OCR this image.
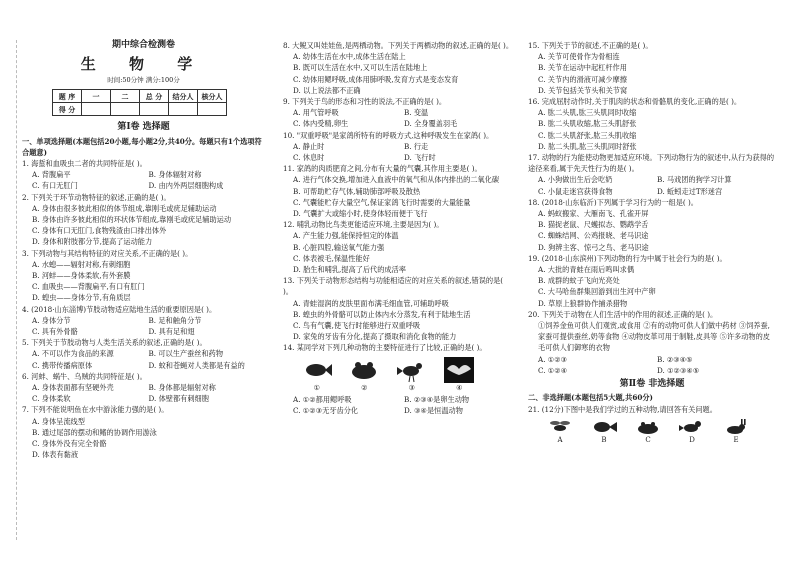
期中综合检测卷

生 物 学

时间:50分钟 满分:100分
题 序	一	二	总 分	结分人	核分人
得 分					
第Ⅰ卷 选择题
一、单项选择题(本题包括20小题,每小题2分,共40分。每题只有1个选项符合题意)
1. 海蜇和血吸虫二者的共同特征是( )。
A. 背腹扁平	B. 身体辐射对称
C. 有口无肛门	D. 由内外两层细胞构成
2. 下列关于环节动物特征的叙述,正确的是( )。
A. 身体由很多彼此相似的体节组成,靠刚毛或疣足辅助运动
B. 身体由许多彼此相似的环状体节组成,靠刚毛或疣足辅助运动
C. 身体有口无肛门,食物残渣由口排出体外
D. 身体和附肢都分节,提高了运动能力
3. 下列动物与其结构特征的对应关系,不正确的是( )。
A. 水螅——辐射对称,有刺细胞
B. 河蚌——身体柔软,有外套膜
C. 血吸虫——背腹扁平,有口有肛门
D. 蝗虫——身体分节,有角质层
4. (2018·山东淄博)节肢动物适应陆地生活的重要原因是( )。
A. 身体分节	B. 足和触角分节
C. 具有外骨骼	D. 具有足和翅
5. 下列关于节肢动物与人类生活关系的叙述,正确的是( )。
A. 不可以作为食品的来源	B. 可以生产蚕丝和药物
C. 携带传播病原体	D. 蚊和苍蝇对人类都是有益的
6. 河蚌、蜗牛、乌贼的共同特征是( )。
A. 身体表面都有坚硬外壳	B. 身体都是辐射对称
C. 身体柔软	D. 体壁都有刺细胞
7. 下列不能说明鱼在水中游泳能力强的是( )。
A. 身体呈流线型
B. 通过尾部的摆动和鳍的协调作用游泳
C. 身体外没有完全骨骼
D. 体表有黏液
8. 大鲵又叫娃娃鱼,是两栖动物。下列关于两栖动物的叙述,正确的是( )。
A. 幼体生活在水中,成体生活在陆上
B. 既可以生活在水中,又可以生活在陆地上
C. 幼体用鳃呼吸,成体用肺呼吸,发育方式是变态发育
D. 以上说法都不正确
9. 下列关于鸟的形态和习性的说法,不正确的是( )。
A. 用气管呼吸	B. 变温
C. 体内受精,卵生	D. 全身覆盖羽毛
10. "双重呼吸"是家鸽所特有的呼吸方式,这种呼吸发生在家鸽( )。
A. 静止时	B. 行走
C. 休息时	D. 飞行时
11. 家鸽的肉质肥育之间,分布有大量的气囊,其作用主要是( )。
A. 进行气体交换,增加进入血液中的氧气和从体内排出的二氧化碳
B. 可帮助贮存气体,辅助肺部呼吸及散热
C. 气囊能贮存大量空气,保证家鸽飞行时需要的大量能量
D. 气囊扩大或缩小时,使身体轻而便于飞行
12. 哺乳动物比鸟类更能适应环境,主要是因为( )。
A. 产生能力强,能保持恒定的体温
B. 心脏四腔,输送氧气能力强
C. 体表被毛,保温性能好
D. 胎生和哺乳,提高了后代的成活率
13. 下列关于动物形态结构与功能相适应的对应关系的叙述,错误的是( )。
A. 青蛙湿润的皮肤里面布满毛细血管,可辅助呼吸
B. 蝗虫的外骨骼可以防止体内水分蒸发,有利于陆地生活
C. 鸟有气囊,使飞行时能够进行双重呼吸
D. 家兔的牙齿有分化,提高了摄取和消化食物的能力
14. 某同学对下列几种动物的主要特征进行了比较,正确的是( )。
①	②	③	④
A. ①②都用鳃呼吸	B. ②③④是卵生动物
C. ①②③无牙齿分化	D. ③④是恒温动物
15. 下列关于节的叙述,不正确的是( )。
A. 关节可使骨作为骨相连
B. 关节在运动中起杠杆作用
C. 关节内的滑液可减少摩擦
D. 关节包括关节头和关节窝
16. 完成屈肘动作时,关于肌肉的状态和骨骼肌的变化,正确的是( )。
A. 肱二头肌,肱三头肌同时收缩
B. 肱二头肌收缩,肱三头肌舒张
C. 肱二头肌舒张,肱三头肌收缩
D. 肱二头肌,肱三头肌同时舒张
17. 动物的行为能使动物更加适应环境。下列动物行为的叙述中,从行为获得的途径来看,属于先天性行为的是( )。
A. 小狗做出生后会吃奶	B. 马戏团的狗学习计算
C. 小鼠走迷宫获得食物	D. 蚯蚓走过T形迷宫
18. (2018·山东临沂)下列属于学习行为的一组是( )。
A. 蚂蚁搬家、大雁南飞、孔雀开屏
B. 猫捉老鼠、尺蠖拟态、鹦鹉学舌
C. 蜘蛛结网、公鸡报晓、老马识途
D. 狗辨主客、惊弓之鸟、老马识途
19. (2018·山东滨州)下列动物的行为中属于社会行为的是( )。
A. 大批的青蛙在雨后鸣叫求偶
B. 成群的蚊子飞向光亮处
C. 大马哈鱼群集回游到出生河中产卵
D. 草原上狼群协作捕杀猎物
20. 下列关于动物在人们生活中的作用的叙述,正确的是( )。
①饲养金鱼可供人们观赏,或食用 ②有的动物可供人们做中药材 ③饲养蚕,家蚕可提供蚕丝,奶等食物 ④动物皮革可用于制鞋,皮具等 ⑤许多动物的皮毛可供人们御寒的衣物
A. ①②③	B. ②③④⑤
C. ①②④	D. ①②③④⑤
第Ⅱ卷 非选择题
二、非选择题(本题包括5大题,共60分)
21. (12分)下图中是我们学过的五种动物,请回答有关问题。
A	B	C	D	E
